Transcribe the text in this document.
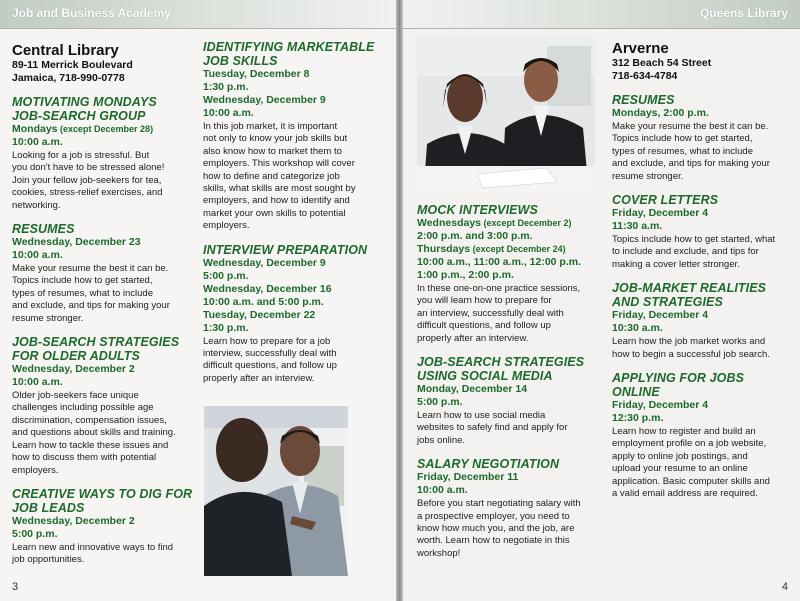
Job and Business Academy
Central Library
89-11 Merrick Boulevard
Jamaica, 718-990-0778
MOTIVATING MONDAYS
JOB-SEARCH GROUP
Mondays (except December 28)
10:00 a.m.
Looking for a job is stressful. But
you don't have to be stressed alone!
Join your fellow job-seekers for tea,
cookies, stress-relief exercises, and
networking.
RESUMES
Wednesday, December 23
10:00 a.m.
Make your resume the best it can be.
Topics include how to get started,
types of resumes, what to include
and exclude, and tips for making your
resume stronger.
JOB-SEARCH STRATEGIES
FOR OLDER ADULTS
Wednesday, December 2
10:00 a.m.
Older job-seekers face unique
challenges including possible age
discrimination, compensation issues,
and questions about skills and training.
Learn how to tackle these issues and
how to discuss them with potential
employers.
CREATIVE WAYS TO DIG FOR
JOB LEADS
Wednesday, December 2
5:00 p.m.
Learn new and innovative ways to find
job opportunities.
IDENTIFYING MARKETABLE
JOB SKILLS
Tuesday, December 8
1:30 p.m.
Wednesday, December 9
10:00 a.m.
In this job market, it is important
not only to know your job skills but
also know how to market them to
employers. This workshop will cover
how to define and categorize job
skills, what skills are most sought by
employers, and how to identify and
market your own skills to potential
employers.
INTERVIEW PREPARATION
Wednesday, December 9
5:00 p.m.
Wednesday, December 16
10:00 a.m. and 5:00 p.m.
Tuesday, December 22
1:30 p.m.
Learn how to prepare for a job
interview, successfully deal with
difficult questions, and follow up
properly after an interview.
3
Queens Library
MOCK INTERVIEWS
Wednesdays (except December 2)
2:00 p.m. and 3:00 p.m.
Thursdays (except December 24)
10:00 a.m., 11:00 a.m., 12:00 p.m.
1:00 p.m., 2:00 p.m.
In these one-on-one practice sessions,
you will learn how to prepare for
an interview, successfully deal with
difficult questions, and follow up
properly after an interview.
JOB-SEARCH STRATEGIES
USING SOCIAL MEDIA
Monday, December 14
5:00 p.m.
Learn how to use social media
websites to safely find and apply for
jobs online.
SALARY NEGOTIATION
Friday, December 11
10:00 a.m.
Before you start negotiating salary with
a prospective employer, you need to
know how much you, and the job, are
worth. Learn how to negotiate in this
workshop!
Arverne
312 Beach 54 Street
718-634-4784
RESUMES
Mondays, 2:00 p.m.
Make your resume the best it can be.
Topics include how to get started,
types of resumes, what to include
and exclude, and tips for making your
resume stronger.
COVER LETTERS
Friday, December 4
11:30 a.m.
Topics include how to get started, what
to include and exclude, and tips for
making a cover letter stronger.
JOB-MARKET REALITIES
AND STRATEGIES
Friday, December 4
10:30 a.m.
Learn how the job market works and
how to begin a successful job search.
APPLYING FOR JOBS ONLINE
Friday, December 4
12:30 p.m.
Learn how to register and build an
employment profile on a job website,
apply to online job postings, and
upload your resume to an online
application. Basic computer skills and
a valid email address are required.
4
